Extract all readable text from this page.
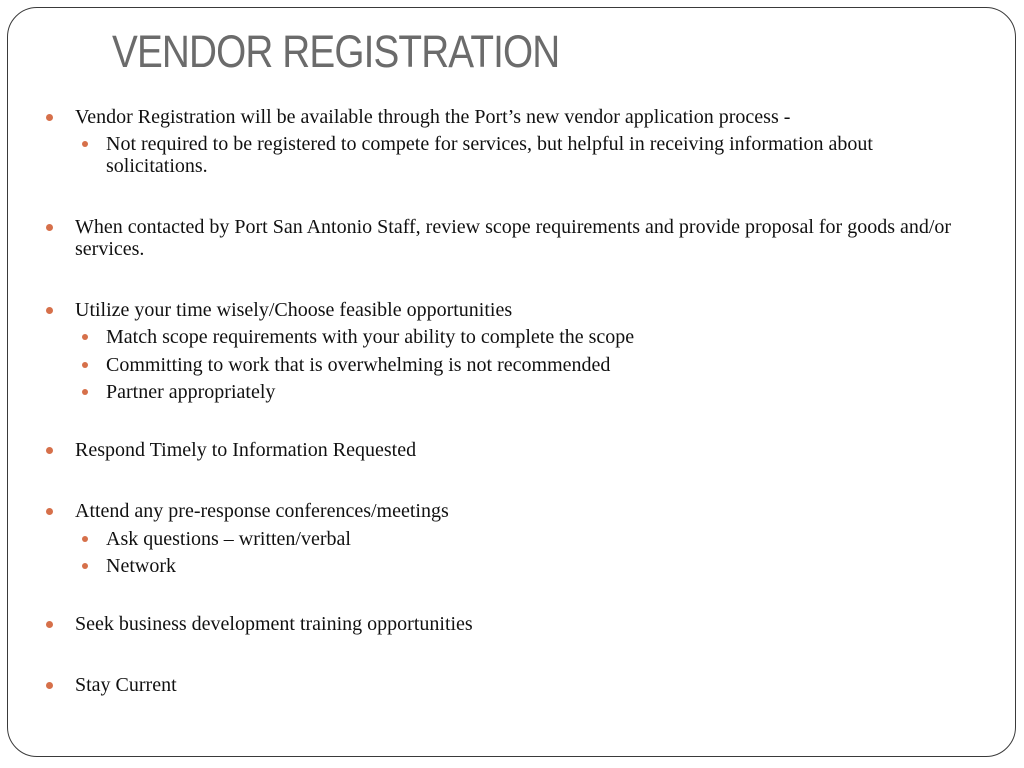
VENDOR REGISTRATION
Vendor Registration will be available through the Port’s new vendor application process -
Not required to be registered to compete for services, but helpful in receiving information about solicitations.
When contacted by Port San Antonio Staff, review scope requirements and provide proposal for goods and/or services.
Utilize your time wisely/Choose feasible opportunities
Match scope requirements with your ability to complete the scope
Committing to work that is overwhelming is not recommended
Partner appropriately
Respond Timely to Information Requested
Attend any pre-response conferences/meetings
Ask questions – written/verbal
Network
Seek business development training opportunities
Stay Current
